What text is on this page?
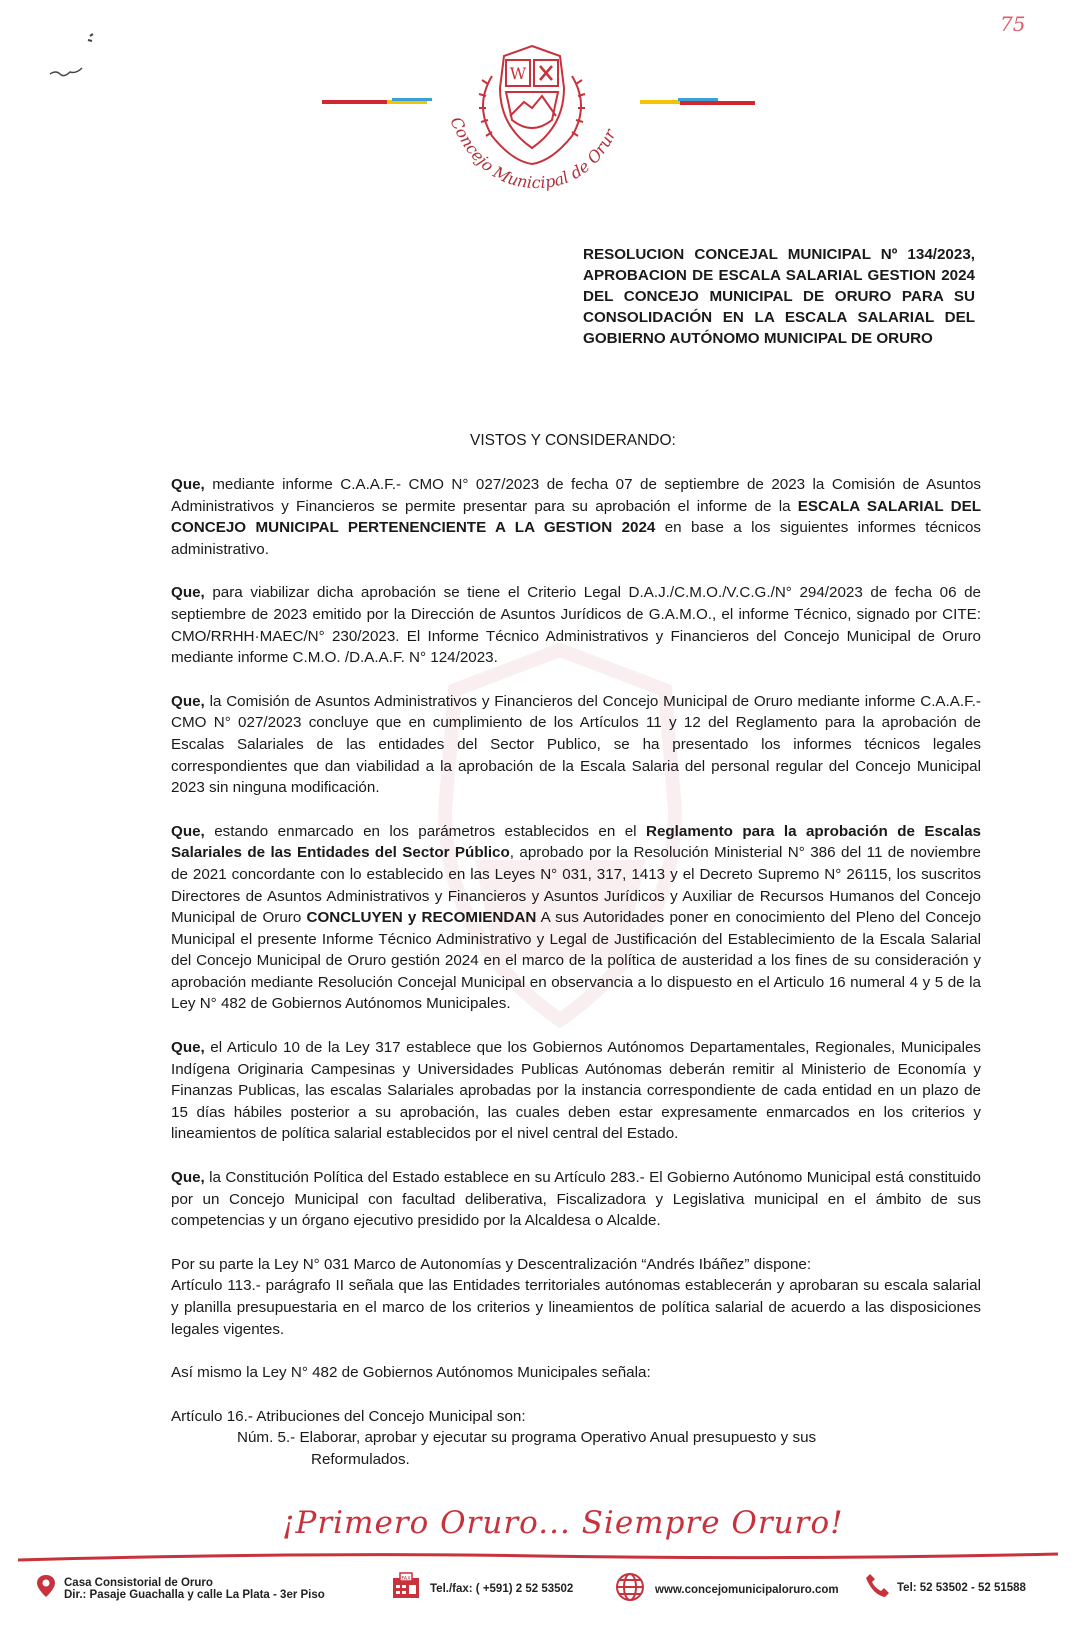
75
W
Concejo Municipal de Orur
RESOLUCION CONCEJAL MUNICIPAL Nº 134/2023, APROBACION DE ESCALA SALARIAL GESTION 2024 DEL CONCEJO MUNICIPAL DE ORURO PARA SU CONSOLIDACIÓN EN LA ESCALA SALARIAL DEL GOBIERNO AUTÓNOMO MUNICIPAL DE ORURO
VISTOS Y CONSIDERANDO:

Que, mediante informe C.A.A.F.- CMO N° 027/2023 de fecha 07 de septiembre de 2023 la Comisión de Asuntos Administrativos y Financieros se permite presentar para su aprobación el informe de la ESCALA SALARIAL DEL CONCEJO MUNICIPAL PERTENENCIENTE A LA GESTION 2024 en base a los siguientes informes técnicos administrativo.

Que, para viabilizar dicha aprobación se tiene el Criterio Legal D.A.J./C.M.O./V.C.G./N° 294/2023 de fecha 06 de septiembre de 2023 emitido por la Dirección de Asuntos Jurídicos de G.A.M.O., el informe Técnico, signado por CITE: CMO/RRHH·MAEC/N° 230/2023. El Informe Técnico Administrativos y Financieros del Concejo Municipal de Oruro mediante informe C.M.O. /D.A.A.F. N° 124/2023.

Que, la Comisión de Asuntos Administrativos y Financieros del Concejo Municipal de Oruro mediante informe C.A.A.F.- CMO N° 027/2023 concluye que en cumplimiento de los Artículos 11 y 12 del Reglamento para la aprobación de Escalas Salariales de las entidades del Sector Publico, se ha presentado los informes técnicos legales correspondientes que dan viabilidad a la aprobación de la Escala Salaria del personal regular del Concejo Municipal 2023 sin ninguna modificación.

Que, estando enmarcado en los parámetros establecidos en el Reglamento para la aprobación de Escalas Salariales de las Entidades del Sector Público, aprobado por la Resolución Ministerial N° 386 del 11 de noviembre de 2021 concordante con lo establecido en las Leyes N° 031, 317, 1413 y el Decreto Supremo N° 26115, los suscritos Directores de Asuntos Administrativos y Financieros y Asuntos Jurídicos y Auxiliar de Recursos Humanos del Concejo Municipal de Oruro CONCLUYEN y RECOMIENDAN A sus Autoridades poner en conocimiento del Pleno del Concejo Municipal el presente Informe Técnico Administrativo y Legal de Justificación del Establecimiento de la Escala Salarial del Concejo Municipal de Oruro gestión 2024 en el marco de la política de austeridad a los fines de su consideración y aprobación mediante Resolución Concejal Municipal en observancia a lo dispuesto en el Articulo 16 numeral 4 y 5 de la Ley N° 482 de Gobiernos Autónomos Municipales.

Que, el Articulo 10 de la Ley 317 establece que los Gobiernos Autónomos Departamentales, Regionales, Municipales Indígena Originaria Campesinas y Universidades Publicas Autónomas deberán remitir al Ministerio de Economía y Finanzas Publicas, las escalas Salariales aprobadas por la instancia correspondiente de cada entidad en un plazo de 15 días hábiles posterior a su aprobación, las cuales deben estar expresamente enmarcados en los criterios y lineamientos de política salarial establecidos por el nivel central del Estado.

Que, la Constitución Política del Estado establece en su Artículo 283.- El Gobierno Autónomo Municipal está constituido por un Concejo Municipal con facultad deliberativa, Fiscalizadora y Legislativa municipal en el ámbito de sus competencias y un órgano ejecutivo presidido por la Alcaldesa o Alcalde.

Por su parte la Ley N° 031 Marco de Autonomías y Descentralización “Andrés Ibáñez” dispone:

Artículo 113.- parágrafo II señala que las Entidades territoriales autónomas establecerán y aprobaran su escala salarial y planilla presupuestaria en el marco de los criterios y lineamientos de política salarial de acuerdo a las disposiciones legales vigentes.

Así mismo la Ley N° 482 de Gobiernos Autónomos Municipales señala:

Artículo 16.- Atribuciones del Concejo Municipal son:

Núm. 5.- Elaborar, aprobar y ejecutar su programa Operativo Anual presupuesto y sus

Reformulados.

¡Primero Oruro... Siempre Oruro!

Casa Consistorial de Oruro
Dir.: Pasaje Guachalla y calle La Plata - 3er Piso
FAX
Tel./fax: ( +591) 2 52 53502	www.concejomunicipaloruro.com	Tel: 52 53502 - 52 51588
